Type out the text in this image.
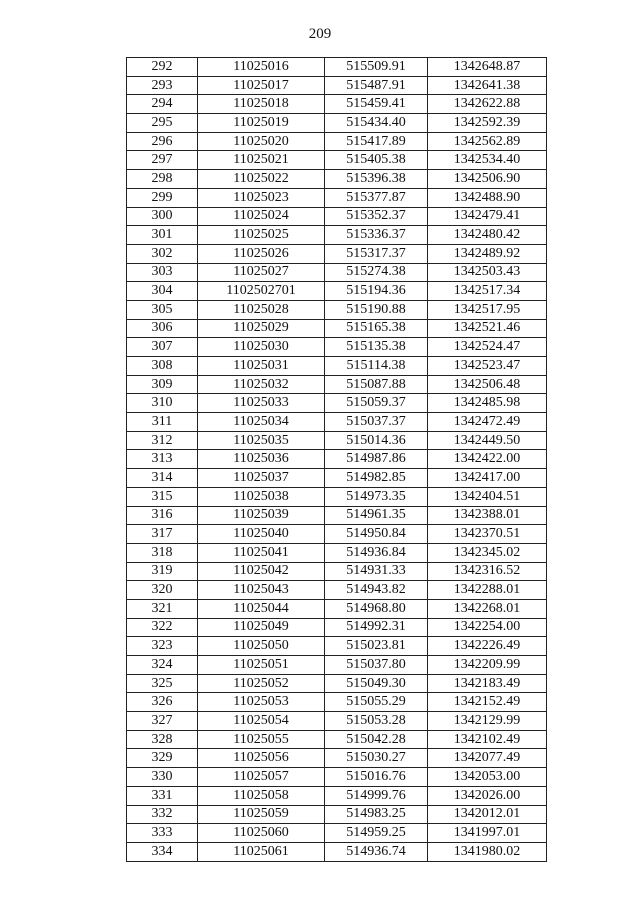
209
292	11025016	515509.91	1342648.87
293	11025017	515487.91	1342641.38
294	11025018	515459.41	1342622.88
295	11025019	515434.40	1342592.39
296	11025020	515417.89	1342562.89
297	11025021	515405.38	1342534.40
298	11025022	515396.38	1342506.90
299	11025023	515377.87	1342488.90
300	11025024	515352.37	1342479.41
301	11025025	515336.37	1342480.42
302	11025026	515317.37	1342489.92
303	11025027	515274.38	1342503.43
304	1102502701	515194.36	1342517.34
305	11025028	515190.88	1342517.95
306	11025029	515165.38	1342521.46
307	11025030	515135.38	1342524.47
308	11025031	515114.38	1342523.47
309	11025032	515087.88	1342506.48
310	11025033	515059.37	1342485.98
311	11025034	515037.37	1342472.49
312	11025035	515014.36	1342449.50
313	11025036	514987.86	1342422.00
314	11025037	514982.85	1342417.00
315	11025038	514973.35	1342404.51
316	11025039	514961.35	1342388.01
317	11025040	514950.84	1342370.51
318	11025041	514936.84	1342345.02
319	11025042	514931.33	1342316.52
320	11025043	514943.82	1342288.01
321	11025044	514968.80	1342268.01
322	11025049	514992.31	1342254.00
323	11025050	515023.81	1342226.49
324	11025051	515037.80	1342209.99
325	11025052	515049.30	1342183.49
326	11025053	515055.29	1342152.49
327	11025054	515053.28	1342129.99
328	11025055	515042.28	1342102.49
329	11025056	515030.27	1342077.49
330	11025057	515016.76	1342053.00
331	11025058	514999.76	1342026.00
332	11025059	514983.25	1342012.01
333	11025060	514959.25	1341997.01
334	11025061	514936.74	1341980.02
